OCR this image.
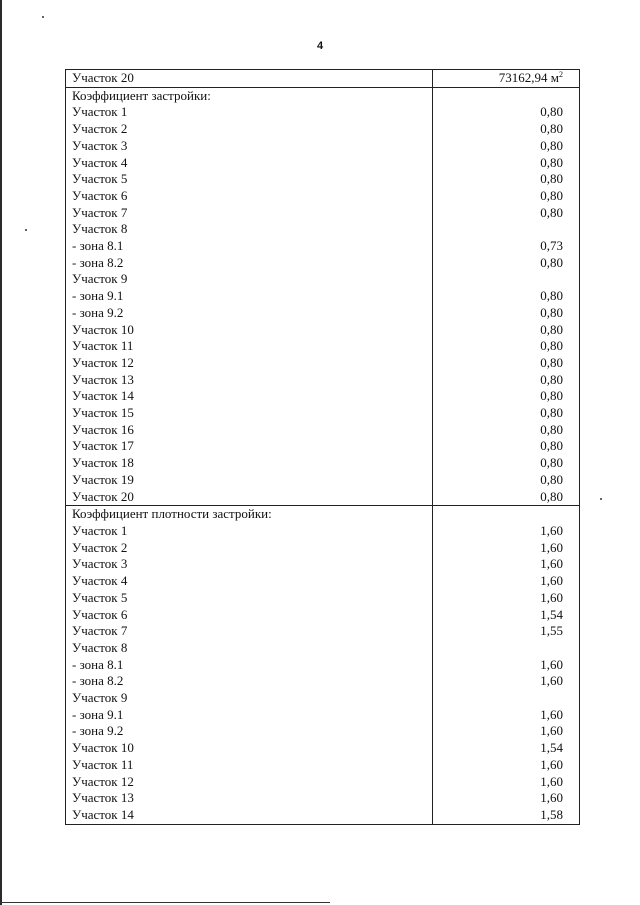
4
Участок 20	73162,94 $м^2$
Коэффициент застройки:	
Участок 1	0,80
Участок 2	0,80
Участок 3	0,80
Участок 4	0,80
Участок 5	0,80
Участок 6	0,80
Участок 7	0,80
Участок 8	
- зона 8.1	0,73
- зона 8.2	0,80
Участок 9	
- зона 9.1	0,80
- зона 9.2	0,80
Участок 10	0,80
Участок 11	0,80
Участок 12	0,80
Участок 13	0,80
Участок 14	0,80
Участок 15	0,80
Участок 16	0,80
Участок 17	0,80
Участок 18	0,80
Участок 19	0,80
Участок 20	0,80
Коэффициент плотности застройки:	
Участок 1	1,60
Участок 2	1,60
Участок 3	1,60
Участок 4	1,60
Участок 5	1,60
Участок 6	1,54
Участок 7	1,55
Участок 8	
- зона 8.1	1,60
- зона 8.2	1,60
Участок 9	
- зона 9.1	1,60
- зона 9.2	1,60
Участок 10	1,54
Участок 11	1,60
Участок 12	1,60
Участок 13	1,60
Участок 14	1,58
